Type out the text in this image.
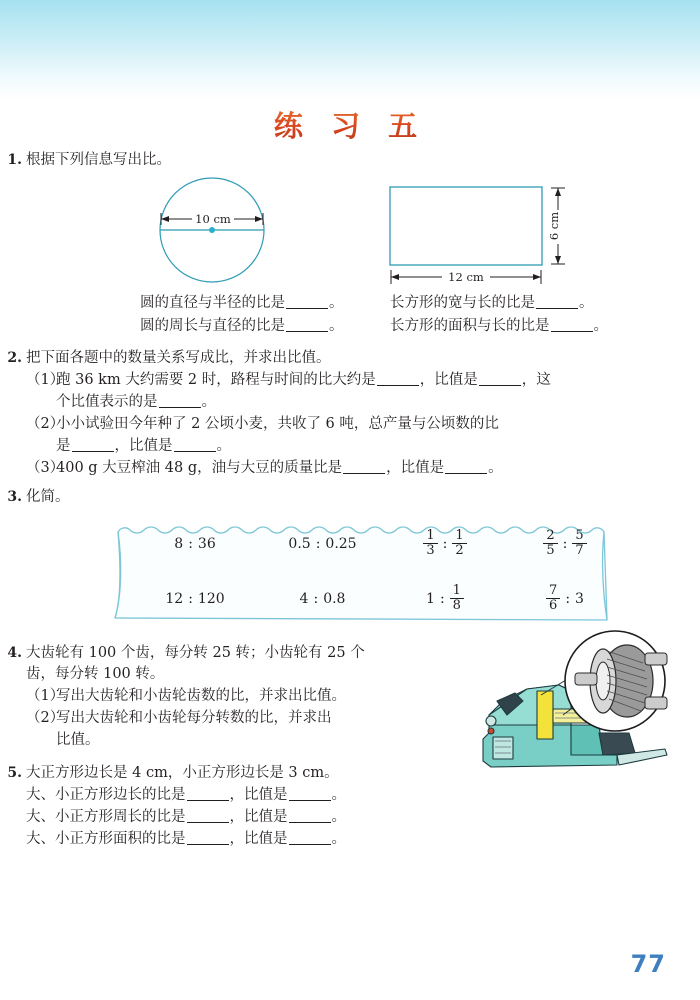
练 习 五
1. 根据下列信息写出比。
10 cm
12 cm
6 cm
圆的直径与半径的比是	。
圆的周长与直径的比是	。
长方形的宽与长的比是	。
长方形的面积与长的比是	。
2. 把下面各题中的数量关系写成比，并求出比值。
（1）
跑 36 km 大约需要 2 时，路程与时间的比大约是	，比值是	，这
个比值表示的是	。
（2）
小小试验田今年种了 2 公顷小麦，共收了 6 吨，总产量与公顷数的比
是	，比值是	。
（3）
400 g 大豆榨油 48 g，油与大豆的质量比是	，比值是	。
3. 化简。
8 : 36	0.5 : 0.25	$\frac{1}{3}$ : $\frac{1}{2}$	$\frac{2}{5}$ : $\frac{5}{7}$
12 : 120	4 : 0.8	1 : $\frac{1}{8}$	$\frac{7}{6}$ : 3
4. 大齿轮有 100 个齿，每分转 25 转；小齿轮有 25 个
齿，每分转 100 转。
（1）
写出大齿轮和小齿轮齿数的比，并求出比值。
（2）
写出大齿轮和小齿轮每分转数的比，并求出
比值。
5. 大正方形边长是 4 cm，小正方形边长是 3 cm。
大、小正方形边长的比是	，比值是	。
大、小正方形周长的比是	，比值是	。
大、小正方形面积的比是	，比值是	。
77
